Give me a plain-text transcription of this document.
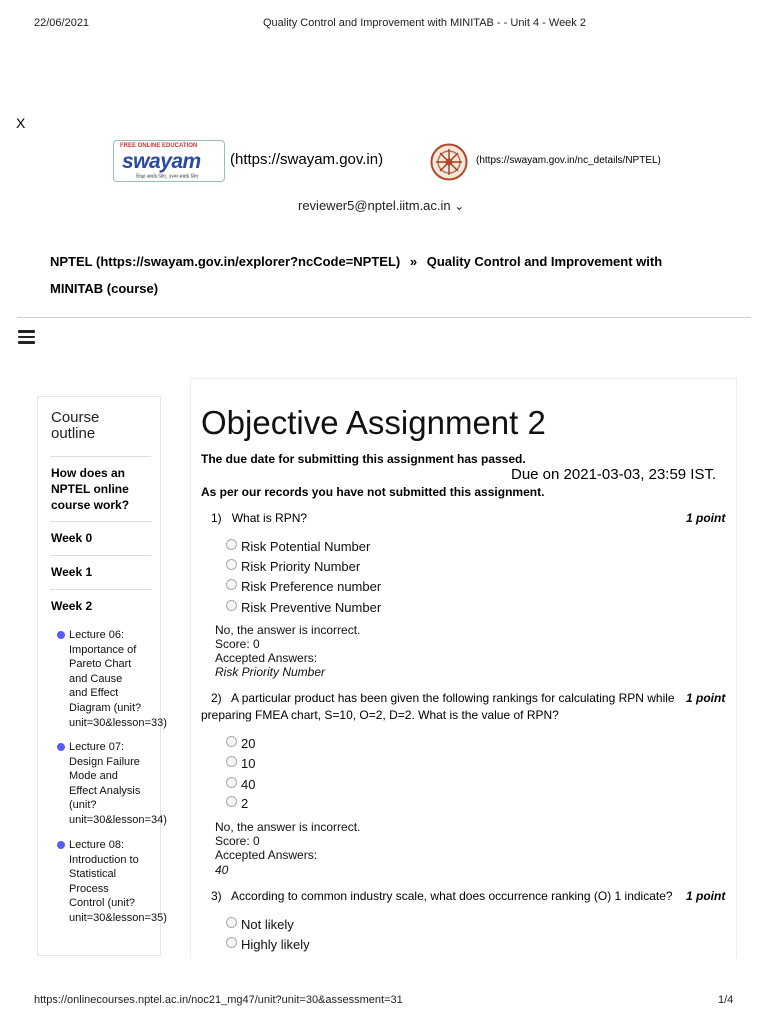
22/06/2021	Quality Control and Improvement with MINITAB - - Unit 4 - Week 2
X
FREE ONLINE EDUCATION
swayam
शिक्षा सबके लिए, उत्तम सबके लिए
(https://swayam.gov.in)	(https://swayam.gov.in/nc_details/NPTEL)
reviewer5@nptel.iitm.ac.in ⌄
NPTEL (https://swayam.gov.in/explorer?ncCode=NPTEL) » Quality Control and Improvement with
MINITAB (course)
Course
outline
How does an
NPTEL online
course work?
Week 0
Week 1
Week 2
Lecture 06:
Importance of
Pareto Chart
and Cause
and Effect
Diagram (unit?
unit=30&lesson=33)
Lecture 07:
Design Failure
Mode and
Effect Analysis
(unit?
unit=30&lesson=34)
Lecture 08:
Introduction to
Statistical
Process
Control (unit?
unit=30&lesson=35)
Objective Assignment 2
The due date for submitting this assignment has passed.
Due on 2021-03-03, 23:59 IST.
As per our records you have not submitted this assignment.
1) What is RPN?	1 point
Risk Potential Number
Risk Priority Number
Risk Preference number
Risk Preventive Number
No, the answer is incorrect.
Score: 0
Accepted Answers:
Risk Priority Number
2) A particular product has been given the following rankings for calculating RPN while 1 point
preparing FMEA chart, S=10, O=2, D=2. What is the value of RPN?
20
10
40
2
No, the answer is incorrect.
Score: 0
Accepted Answers:
40
3) According to common industry scale, what does occurrence ranking (O) 1 indicate? 1 point
Not likely
Highly likely
https://onlinecourses.nptel.ac.in/noc21_mg47/unit?unit=30&assessment=31	1/4
